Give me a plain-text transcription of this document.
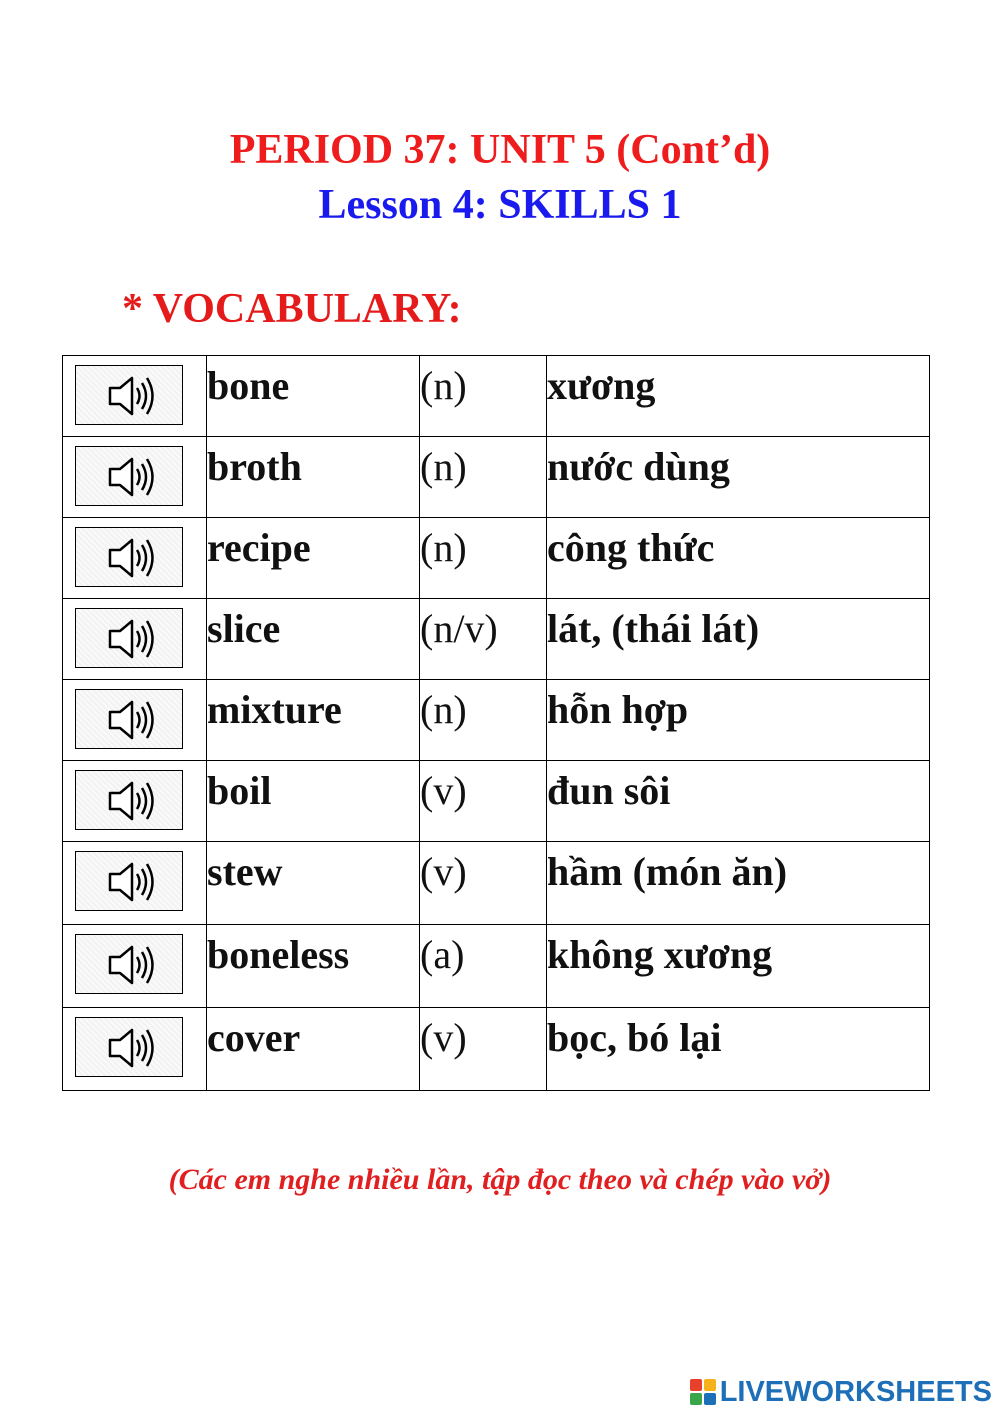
PERIOD 37: UNIT 5 (Cont’d)
Lesson 4: SKILLS 1
* VOCABULARY:

bone	(n)	xương

broth	(n)	nước dùng

recipe	(n)	công thức

slice	(n/v)	lát, (thái lát)

mixture	(n)	hỗn hợp

boil	(v)	đun sôi

stew	(v)	hầm (món ăn)

boneless	(a)	không xương

cover	(v)	bọc, bó lại
(Các em nghe nhiều lần, tập đọc theo và chép vào vở)
LIVEWORKSHEETS
